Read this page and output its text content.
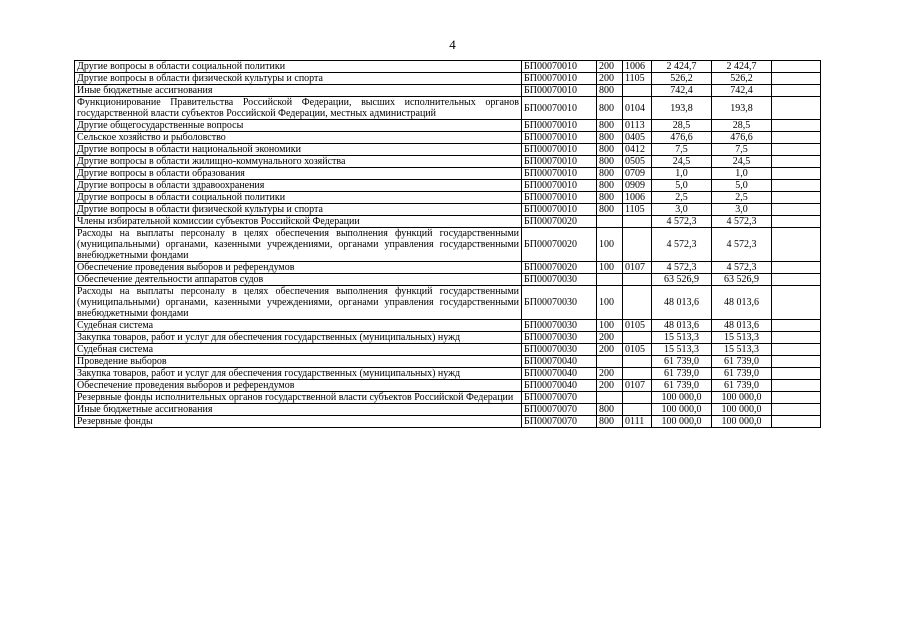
4
Другие вопросы в области социальной политики	БП00070010	200	1006	2 424,7	2 424,7	
Другие вопросы в области физической культуры и спорта	БП00070010	200	1105	526,2	526,2	
Иные бюджетные ассигнования	БП00070010	800		742,4	742,4	
Функционирование Правительства Российской Федерации, высших исполнительных органов государственной власти субъектов Российской Федерации, местных администраций	БП00070010	800	0104	193,8	193,8	
Другие общегосударственные вопросы	БП00070010	800	0113	28,5	28,5	
Сельское хозяйство и рыболовство	БП00070010	800	0405	476,6	476,6	
Другие вопросы в области национальной экономики	БП00070010	800	0412	7,5	7,5	
Другие вопросы в области жилищно-коммунального хозяйства	БП00070010	800	0505	24,5	24,5	
Другие вопросы в области образования	БП00070010	800	0709	1,0	1,0	
Другие вопросы в области здравоохранения	БП00070010	800	0909	5,0	5,0	
Другие вопросы в области социальной политики	БП00070010	800	1006	2,5	2,5	
Другие вопросы в области физической культуры и спорта	БП00070010	800	1105	3,0	3,0	
Члены избирательной комиссии субъектов Российской Федерации	БП00070020			4 572,3	4 572,3	
Расходы на выплаты персоналу в целях обеспечения выполнения функций государственными (муниципальными) органами, казенными учреждениями, органами управления государственными внебюджетными фондами	БП00070020	100		4 572,3	4 572,3	
Обеспечение проведения выборов и референдумов	БП00070020	100	0107	4 572,3	4 572,3	
Обеспечение деятельности аппаратов судов	БП00070030			63 526,9	63 526,9	
Расходы на выплаты персоналу в целях обеспечения выполнения функций государственными (муниципальными) органами, казенными учреждениями, органами управления государственными внебюджетными фондами	БП00070030	100		48 013,6	48 013,6	
Судебная система	БП00070030	100	0105	48 013,6	48 013,6	
Закупка товаров, работ и услуг для обеспечения государственных (муниципальных) нужд	БП00070030	200		15 513,3	15 513,3	
Судебная система	БП00070030	200	0105	15 513,3	15 513,3	
Проведение выборов	БП00070040			61 739,0	61 739,0	
Закупка товаров, работ и услуг для обеспечения государственных (муниципальных) нужд	БП00070040	200		61 739,0	61 739,0	
Обеспечение проведения выборов и референдумов	БП00070040	200	0107	61 739,0	61 739,0	
Резервные фонды исполнительных органов государственной власти субъектов Российской Федерации	БП00070070			100 000,0	100 000,0	
Иные бюджетные ассигнования	БП00070070	800		100 000,0	100 000,0	
Резервные фонды	БП00070070	800	0111	100 000,0	100 000,0	
